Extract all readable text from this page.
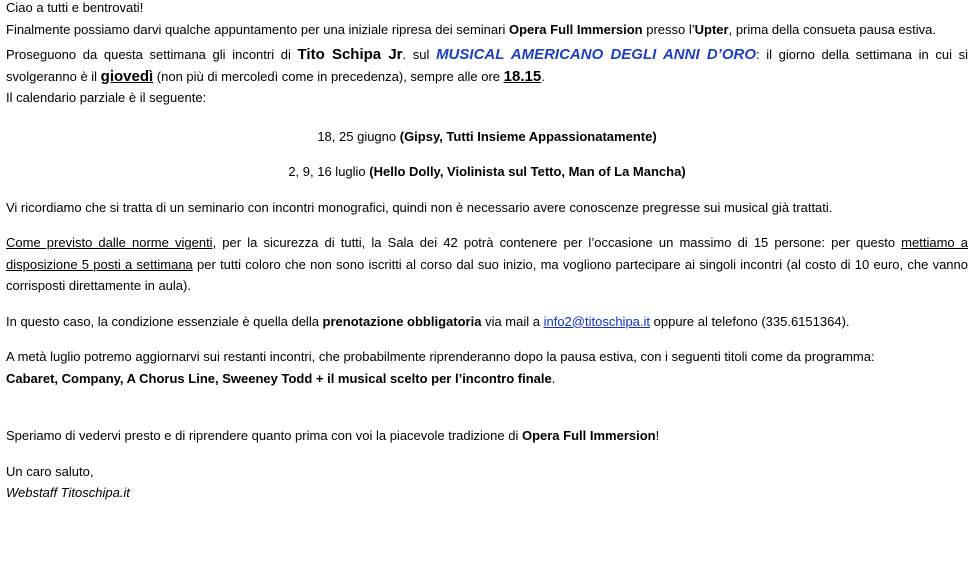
Ciao a tutti e bentrovati!

Finalmente possiamo darvi qualche appuntamento per una iniziale ripresa dei seminari Opera Full Immersion presso l’Upter, prima della consueta pausa estiva.

Proseguono da questa settimana gli incontri di Tito Schipa Jr. sul MUSICAL AMERICANO DEGLI ANNI D’ORO: il giorno della settimana in cui si svolgeranno è il giovedì (non più di mercoledì come in precedenza), sempre alle ore 18.15.

Il calendario parziale è il seguente:

18, 25 giugno (Gipsy, Tutti Insieme Appassionatamente)

2, 9, 16 luglio (Hello Dolly, Violinista sul Tetto, Man of La Mancha)

Vi ricordiamo che si tratta di un seminario con incontri monografici, quindi non è necessario avere conoscenze pregresse sui musical già trattati.

Come previsto dalle norme vigenti, per la sicurezza di tutti, la Sala dei 42 potrà contenere per l’occasione un massimo di 15 persone: per questo mettiamo a disposizione 5 posti a settimana per tutti coloro che non sono iscritti al corso dal suo inizio, ma vogliono partecipare ai singoli incontri (al costo di 10 euro, che vanno corrisposti direttamente in aula).

In questo caso, la condizione essenziale è quella della prenotazione obbligatoria via mail a info2@titoschipa.it oppure al telefono (335.6151364).

A metà luglio potremo aggiornarvi sui restanti incontri, che probabilmente riprenderanno dopo la pausa estiva, con i seguenti titoli come da programma:
Cabaret, Company, A Chorus Line, Sweeney Todd + il musical scelto per l’incontro finale.

Speriamo di vedervi presto e di riprendere quanto prima con voi la piacevole tradizione di Opera Full Immersion!

Un caro saluto,

Webstaff Titoschipa.it
